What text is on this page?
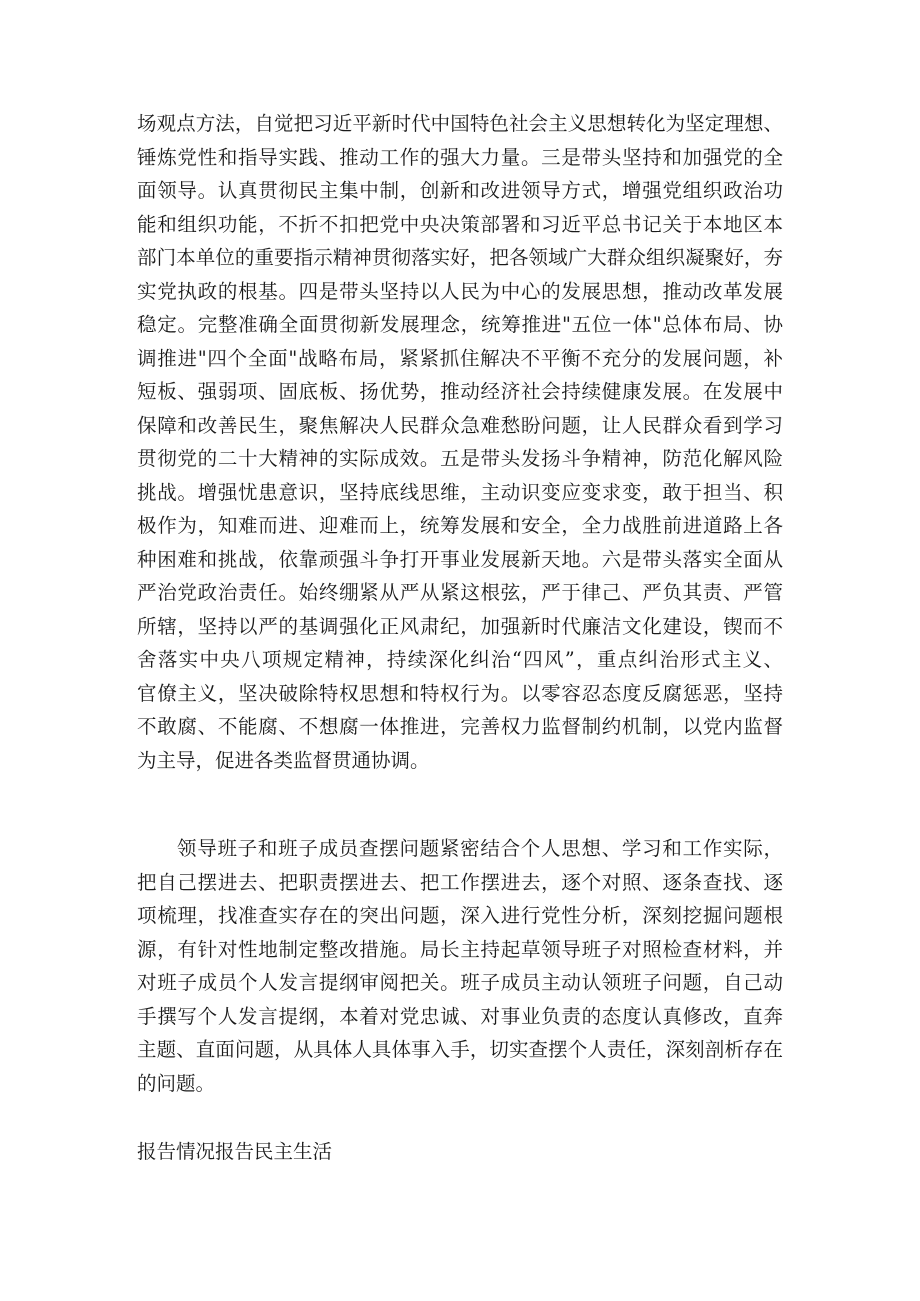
场观点方法，自觉把习近平新时代中国特色社会主义思想转化为坚定理想、
锤炼党性和指导实践、推动工作的强大力量。三是带头坚持和加强党的全
面领导。认真贯彻民主集中制，创新和改进领导方式，增强党组织政治功
能和组织功能，不折不扣把党中央决策部署和习近平总书记关于本地区本
部门本单位的重要指示精神贯彻落实好，把各领域广大群众组织凝聚好，夯
实党执政的根基。四是带头坚持以人民为中心的发展思想，推动改革发展
稳定。完整准确全面贯彻新发展理念，统筹推进"五位一体"总体布局、协
调推进"四个全面"战略布局，紧紧抓住解决不平衡不充分的发展问题，补
短板、强弱项、固底板、扬优势，推动经济社会持续健康发展。在发展中
保障和改善民生，聚焦解决人民群众急难愁盼问题，让人民群众看到学习
贯彻党的二十大精神的实际成效。五是带头发扬斗争精神，防范化解风险
挑战。增强忧患意识，坚持底线思维，主动识变应变求变，敢于担当、积
极作为，知难而进、迎难而上，统筹发展和安全，全力战胜前进道路上各
种困难和挑战，依靠顽强斗争打开事业发展新天地。六是带头落实全面从
严治党政治责任。始终绷紧从严从紧这根弦，严于律己、严负其责、严管
所辖，坚持以严的基调强化正风肃纪，加强新时代廉洁文化建设，锲而不
舍落实中央八项规定精神，持续深化纠治“四风”，重点纠治形式主义、
官僚主义，坚决破除特权思想和特权行为。以零容忍态度反腐惩恶，坚持
不敢腐、不能腐、不想腐一体推进，完善权力监督制约机制，以党内监督
为主导，促进各类监督贯通协调。
领导班子和班子成员查摆问题紧密结合个人思想、学习和工作实际，
把自己摆进去、把职责摆进去、把工作摆进去，逐个对照、逐条查找、逐
项梳理，找准查实存在的突出问题，深入进行党性分析，深刻挖掘问题根
源，有针对性地制定整改措施。局长主持起草领导班子对照检查材料，并
对班子成员个人发言提纲审阅把关。班子成员主动认领班子问题，自己动
手撰写个人发言提纲，本着对党忠诚、对事业负责的态度认真修改，直奔
主题、直面问题，从具体人具体事入手，切实查摆个人责任，深刻剖析存在
的问题。
报告情况报告民主生活
